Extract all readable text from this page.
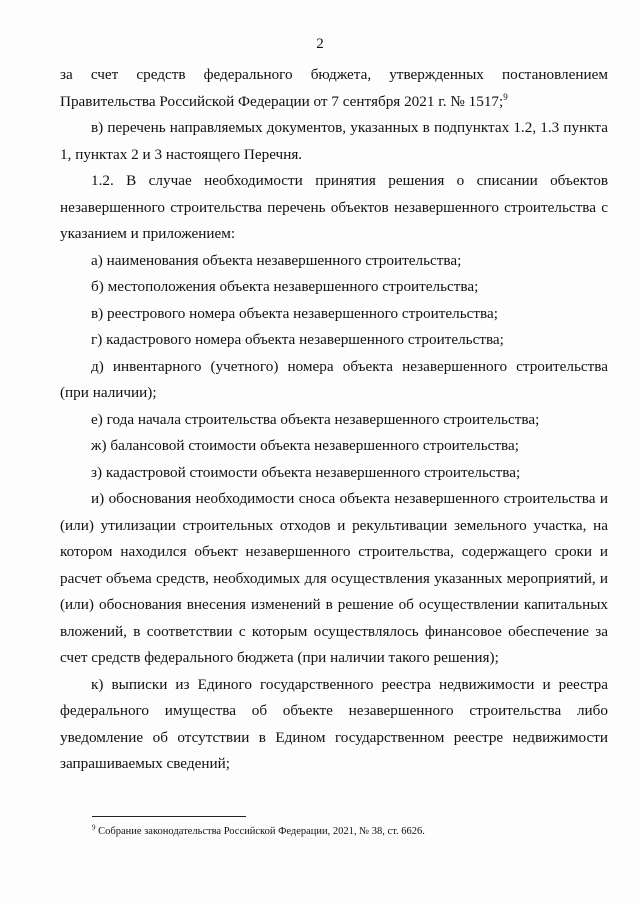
2

за счет средств федерального бюджета, утвержденных постановлением
Правительства Российской Федерации от 7 сентября 2021 г. № 1517;$^9$

в) перечень направляемых документов, указанных в подпунктах 1.2, 1.3 пункта 1, пунктах 2 и 3 настоящего Перечня.

1.2. В случае необходимости принятия решения о списании объектов незавершенного строительства перечень объектов незавершенного строительства с указанием и приложением:

а) наименования объекта незавершенного строительства;

б) местоположения объекта незавершенного строительства;

в) реестрового номера объекта незавершенного строительства;

г) кадастрового номера объекта незавершенного строительства;

д) инвентарного (учетного) номера объекта незавершенного строительства (при наличии);

е) года начала строительства объекта незавершенного строительства;

ж) балансовой стоимости объекта незавершенного строительства;

з) кадастровой стоимости объекта незавершенного строительства;

и) обоснования необходимости сноса объекта незавершенного строительства и (или) утилизации строительных отходов и рекультивации земельного участка, на котором находился объект незавершенного строительства, содержащего сроки и расчет объема средств, необходимых для осуществления указанных мероприятий, и (или) обоснования внесения изменений в решение об осуществлении капитальных вложений, в соответствии с которым осуществлялось финансовое обеспечение за счет средств федерального бюджета (при наличии такого решения);

к) выписки из Единого государственного реестра недвижимости и реестра федерального имущества об объекте незавершенного строительства либо уведомление об отсутствии в Едином государственном реестре недвижимости запрашиваемых сведений;

$^9$ Собрание законодательства Российской Федерации, 2021, № 38, ст. 6626.
